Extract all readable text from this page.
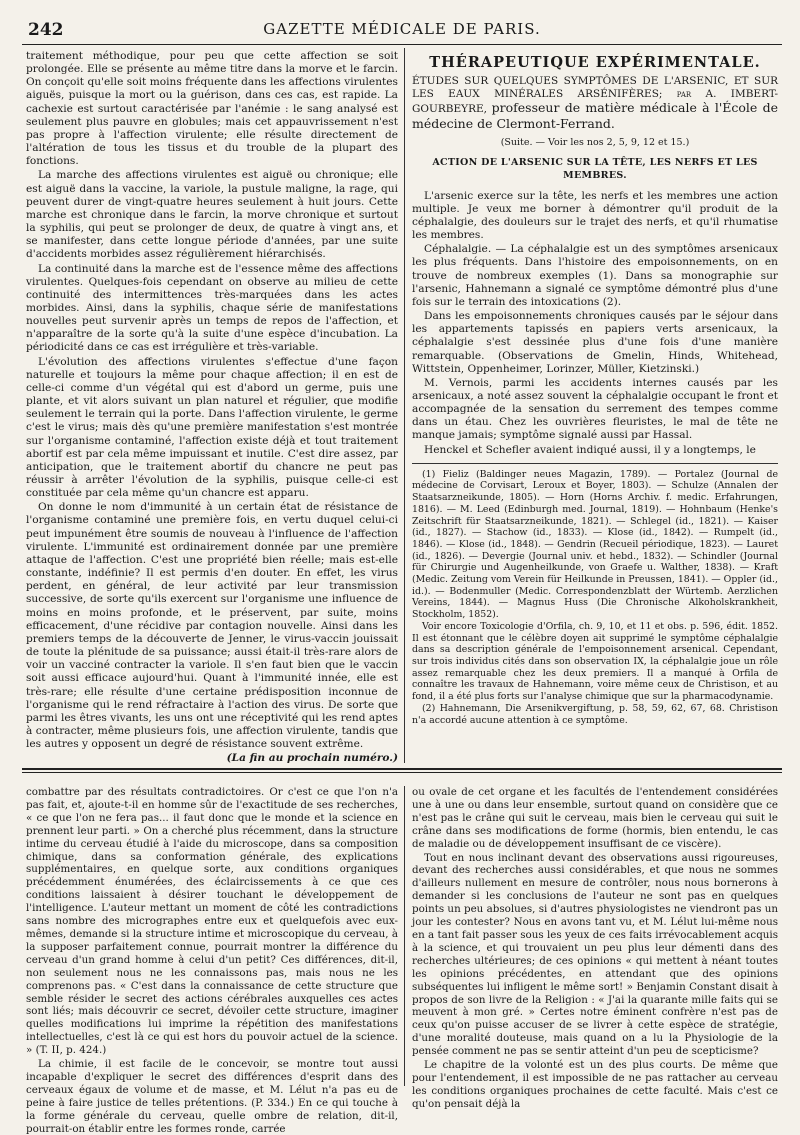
242	GAZETTE MÉDICALE DE PARIS.

traitement méthodique, pour peu que cette affection se soit prolongée. Elle se présente au même titre dans la morve et le farcin. On conçoit qu'elle soit moins fréquente dans les affections virulentes aiguës, puisque la mort ou la guérison, dans ces cas, est rapide. La cachexie est surtout caractérisée par l'anémie : le sang analysé est seulement plus pauvre en globules; mais cet appauvrissement n'est pas propre à l'affection virulente; elle résulte directement de l'altération de tous les tissus et du trouble de la plupart des fonctions.

La marche des affections virulentes est aiguë ou chronique; elle est aiguë dans la vaccine, la variole, la pustule maligne, la rage, qui peuvent durer de vingt-quatre heures seulement à huit jours. Cette marche est chronique dans le farcin, la morve chronique et surtout la syphilis, qui peut se prolonger de deux, de quatre à vingt ans, et se manifester, dans cette longue période d'années, par une suite d'accidents morbides assez régulièrement hiérarchisés.

La continuité dans la marche est de l'essence même des affections virulentes. Quelques-fois cependant on observe au milieu de cette continuité des intermittences très-marquées dans les actes morbides. Ainsi, dans la syphilis, chaque série de manifestations nouvelles peut survenir après un temps de repos de l'affection, et n'apparaître de la sorte qu'à la suite d'une espèce d'incubation. La périodicité dans ce cas est irrégulière et très-variable.

L'évolution des affections virulentes s'effectue d'une façon naturelle et toujours la même pour chaque affection; il en est de celle-ci comme d'un végétal qui est d'abord un germe, puis une plante, et vit alors suivant un plan naturel et régulier, que modifie seulement le terrain qui la porte. Dans l'affection virulente, le germe c'est le virus; mais dès qu'une première manifestation s'est montrée sur l'organisme contaminé, l'affection existe déjà et tout traitement abortif est par cela même impuissant et inutile. C'est dire assez, par anticipation, que le traitement abortif du chancre ne peut pas réussir à arrêter l'évolution de la syphilis, puisque celle-ci est constituée par cela même qu'un chancre est apparu.

On donne le nom d'immunité à un certain état de résistance de l'organisme contaminé une première fois, en vertu duquel celui-ci peut impunément être soumis de nouveau à l'influence de l'affection virulente. L'immunité est ordinairement donnée par une première attaque de l'affection. C'est une propriété bien réelle; mais est-elle constante, indéfinie? Il est permis d'en douter. En effet, les virus perdent, en général, de leur activité par leur transmission successive, de sorte qu'ils exercent sur l'organisme une influence de moins en moins profonde, et le préservent, par suite, moins efficacement, d'une récidive par contagion nouvelle. Ainsi dans les premiers temps de la découverte de Jenner, le virus-vaccin jouissait de toute la plénitude de sa puissance; aussi était-il très-rare alors de voir un vacciné contracter la variole. Il s'en faut bien que le vaccin soit aussi efficace aujourd'hui. Quant à l'immunité innée, elle est très-rare; elle résulte d'une certaine prédisposition inconnue de l'organisme qui le rend réfractaire à l'action des virus. De sorte que parmi les êtres vivants, les uns ont une réceptivité qui les rend aptes à contracter, même plusieurs fois, une affection virulente, tandis que les autres y opposent un degré de résistance souvent extrême.

(La fin au prochain numéro.)

THÉRAPEUTIQUE EXPÉRIMENTALE.
ÉTUDES SUR QUELQUES SYMPTÔMES DE L'ARSENIC, ET SUR LES EAUX MINÉRALES ARSÉNIFÈRES; par A. IMBERT-GOURBEYRE, professeur de matière médicale à l'École de médecine de Clermont-Ferrand.
(Suite. — Voir les nos 2, 5, 9, 12 et 15.)
ACTION DE L'ARSENIC SUR LA TÊTE, LES NERFS ET LES MEMBRES.

L'arsenic exerce sur la tête, les nerfs et les membres une action multiple. Je veux me borner à démontrer qu'il produit de la céphalalgie, des douleurs sur le trajet des nerfs, et qu'il rhumatise les membres.

Céphalalgie. — La céphalalgie est un des symptômes arsenicaux les plus fréquents. Dans l'histoire des empoisonnements, on en trouve de nombreux exemples (1). Dans sa monographie sur l'arsenic, Hahnemann a signalé ce symptôme démontré plus d'une fois sur le terrain des intoxications (2).

Dans les empoisonnements chroniques causés par le séjour dans les appartements tapissés en papiers verts arsenicaux, la céphalalgie s'est dessinée plus d'une fois d'une manière remarquable. (Observations de Gmelin, Hinds, Whitehead, Wittstein, Oppenheimer, Lorinzer, Müller, Kietzinski.)

M. Vernois, parmi les accidents internes causés par les arsenicaux, a noté assez souvent la céphalalgie occupant le front et accompagnée de la sensation du serrement des tempes comme dans un étau. Chez les ouvrières fleuristes, le mal de tête ne manque jamais; symptôme signalé aussi par Hassal.

Henckel et Schefler avaient indiqué aussi, il y a longtemps, le

(1) Fieliz (Baldinger neues Magazin, 1789). — Portalez (Journal de médecine de Corvisart, Leroux et Boyer, 1803). — Schulze (Annalen der Staatsarzneikunde, 1805). — Horn (Horns Archiv. f. medic. Erfahrungen, 1816). — M. Leed (Edinburgh med. Journal, 1819). — Hohnbaum (Henke's Zeitschrift für Staatsarzneikunde, 1821). — Schlegel (id., 1821). — Kaiser (id., 1827). — Stachow (id., 1833). — Klose (id., 1842). — Rumpelt (id., 1846). — Klose (id., 1848). — Gendrin (Recueil périodique, 1823). — Lauret (id., 1826). — Devergie (Journal univ. et hebd., 1832). — Schindler (Journal für Chirurgie und Augenheilkunde, von Graefe u. Walther, 1838). — Kraft (Medic. Zeitung vom Verein für Heilkunde in Preussen, 1841). — Oppler (id., id.). — Bodenmuller (Medic. Correspondenzblatt der Würtemb. Aerzlichen Vereins, 1844). — Magnus Huss (Die Chronische Alkoholskrankheit, Stockholm, 1852).

Voir encore Toxicologie d'Orfila, ch. 9, 10, et 11 et obs. p. 596, édit. 1852. Il est étonnant que le célèbre doyen ait supprimé le symptôme céphalalgie dans sa description générale de l'empoisonnement arsenical. Cependant, sur trois individus cités dans son observation IX, la céphalalgie joue un rôle assez remarquable chez les deux premiers. Il a manqué à Orfila de connaître les travaux de Hahnemann, voire même ceux de Christison, et au fond, il a été plus forts sur l'analyse chimique que sur la pharmacodynamie.

(2) Hahnemann, Die Arsenikvergiftung, p. 58, 59, 62, 67, 68. Christison n'a accordé aucune attention à ce symptôme.

combattre par des résultats contradictoires. Or c'est ce que l'on n'a pas fait, et, ajoute-t-il en homme sûr de l'exactitude de ses recherches, « ce que l'on ne fera pas... il faut donc que le monde et la science en prennent leur parti. » On a cherché plus récemment, dans la structure intime du cerveau étudié à l'aide du microscope, dans sa composition chimique, dans sa conformation générale, des explications supplémentaires, en quelque sorte, aux conditions organiques précédemment énumérées, des éclaircissements à ce que ces conditions laissaient à désirer touchant le développement de l'intelligence. L'auteur mettant un moment de côté les contradictions sans nombre des micrographes entre eux et quelquefois avec eux-mêmes, demande si la structure intime et microscopique du cerveau, à la supposer parfaitement connue, pourrait montrer la différence du cerveau d'un grand homme à celui d'un petit? Ces différences, dit-il, non seulement nous ne les connaissons pas, mais nous ne les comprenons pas. « C'est dans la connaissance de cette structure que semble résider le secret des actions cérébrales auxquelles ces actes sont liés; mais découvrir ce secret, dévoiler cette structure, imaginer quelles modifications lui imprime la répétition des manifestations intellectuelles, c'est là ce qui est hors du pouvoir actuel de la science. » (T. II, p. 424.)

La chimie, il est facile de le concevoir, se montre tout aussi incapable d'expliquer le secret des différences d'esprit dans des cerveaux égaux de volume et de masse, et M. Lélut n'a pas eu de peine à faire justice de telles prétentions. (P. 334.) En ce qui touche à la forme générale du cerveau, quelle ombre de relation, dit-il, pourrait-on établir entre les formes ronde, carrée

ou ovale de cet organe et les facultés de l'entendement considérées une à une ou dans leur ensemble, surtout quand on considère que ce n'est pas le crâne qui suit le cerveau, mais bien le cerveau qui suit le crâne dans ses modifications de forme (hormis, bien entendu, le cas de maladie ou de développement insuffisant de ce viscère).

Tout en nous inclinant devant des observations aussi rigoureuses, devant des recherches aussi considérables, et que nous ne sommes d'ailleurs nullement en mesure de contrôler, nous nous bornerons à demander si les conclusions de l'auteur ne sont pas en quelques points un peu absolues, si d'autres physiologistes ne viendront pas un jour les contester? Nous en avons tant vu, et M. Lélut lui-même nous en a tant fait passer sous les yeux de ces faits irrévocablement acquis à la science, et qui trouvaient un peu plus leur démenti dans des recherches ultérieures; de ces opinions « qui mettent à néant toutes les opinions précédentes, en attendant que des opinions subséquentes lui infligent le même sort! » Benjamin Constant disait à propos de son livre de la Religion : « J'ai la quarante mille faits qui se meuvent à mon gré. » Certes notre éminent confrère n'est pas de ceux qu'on puisse accuser de se livrer à cette espèce de stratégie, d'une moralité douteuse, mais quand on a lu la Physiologie de la pensée comment ne pas se sentir atteint d'un peu de scepticisme?

Le chapitre de la volonté est un des plus courts. De même que pour l'entendement, il est impossible de ne pas rattacher au cerveau les conditions organiques prochaines de cette faculté. Mais c'est ce qu'on pensait déjà la
